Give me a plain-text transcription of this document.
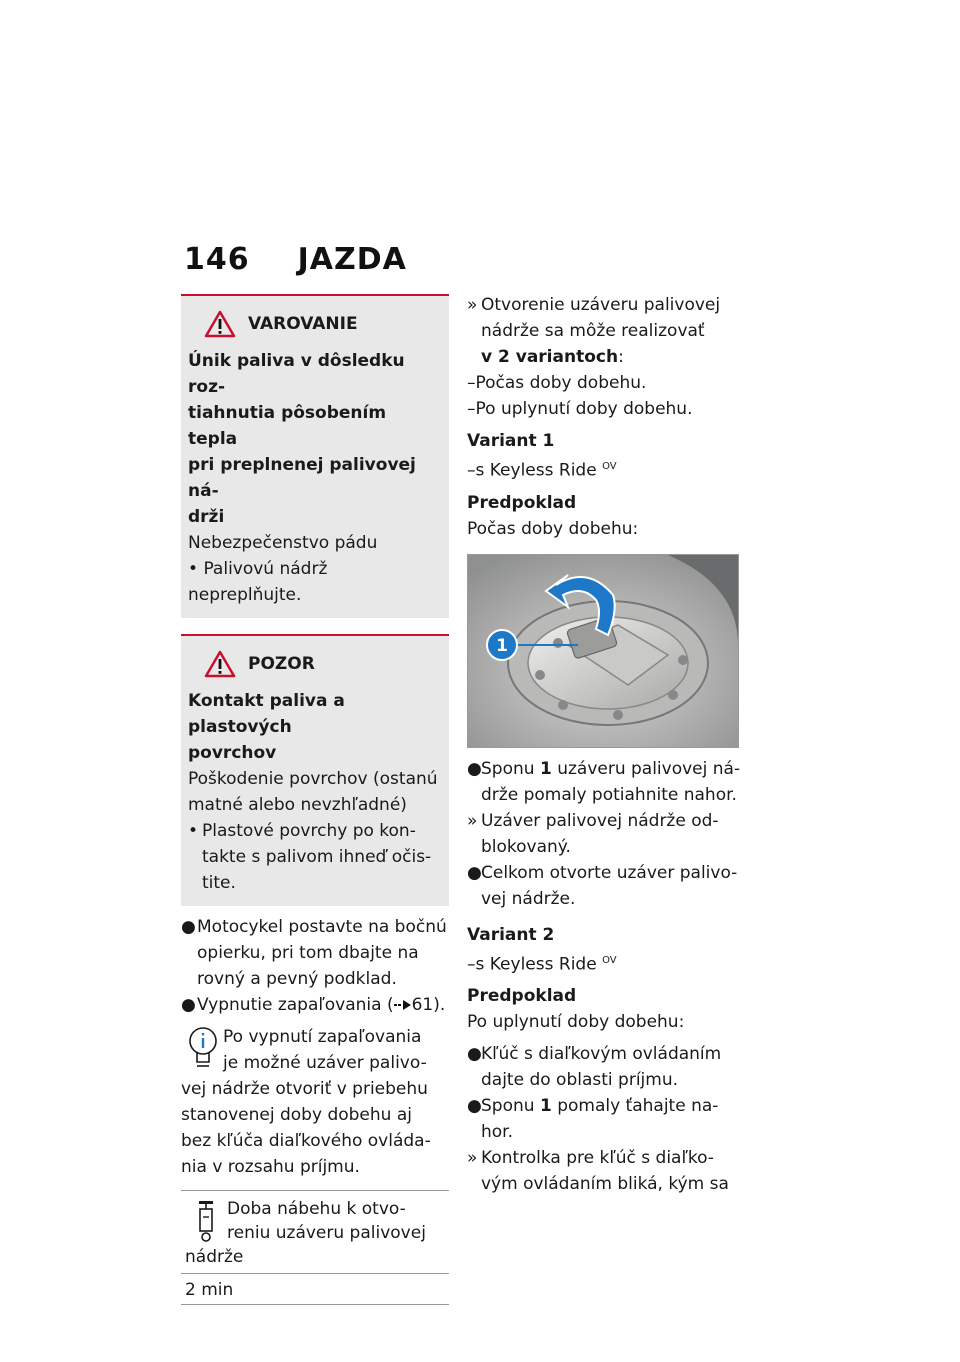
146 JAZDA
VAROVANIE
Únik paliva v dôsledku roz-
tiahnutia pôsobením tepla
pri preplnenej palivovej ná-
drži
Nebezpečenstvo pádu
• Palivovú nádrž nepreplňujte.
POZOR
Kontakt paliva a plastových
povrchov
Poškodenie povrchov (ostanú
matné alebo nevzhľadné)
• Plastové povrchy po kon-
takte s palivom ihneď očis-
tite.
● Motocykel postavte na bočnú
opierku, pri tom dbajte na
rovný a pevný podklad.
● Vypnutie zapaľovania ( 61).
Po vypnutí zapaľovania
je možné uzáver palivo-
vej nádrže otvoriť v priebehu
stanovenej doby dobehu aj
bez kľúča diaľkového ovláda-
nia v rozsahu príjmu.
Doba nábehu k otvo-
reniu uzáveru palivovej
nádrže
2 min
» Otvorenie uzáveru palivovej
nádrže sa môže realizovať
v 2 variantoch:
–Počas doby dobehu.
–Po uplynutí doby dobehu.
Variant 1
–s Keyless Ride $^{OV}$
Predpoklad
Počas doby dobehu:
1
● Sponu 1 uzáveru palivovej ná-
drže pomaly potiahnite nahor.
» Uzáver palivovej nádrže od-
blokovaný.
● Celkom otvorte uzáver palivo-
vej nádrže.
Variant 2
–s Keyless Ride $^{OV}$
Predpoklad
Po uplynutí doby dobehu:
● Kľúč s diaľkovým ovládaním
dajte do oblasti príjmu.
● Sponu 1 pomaly ťahajte na-
hor.
» Kontrolka pre kľúč s diaľko-
vým ovládaním bliká, kým sa
